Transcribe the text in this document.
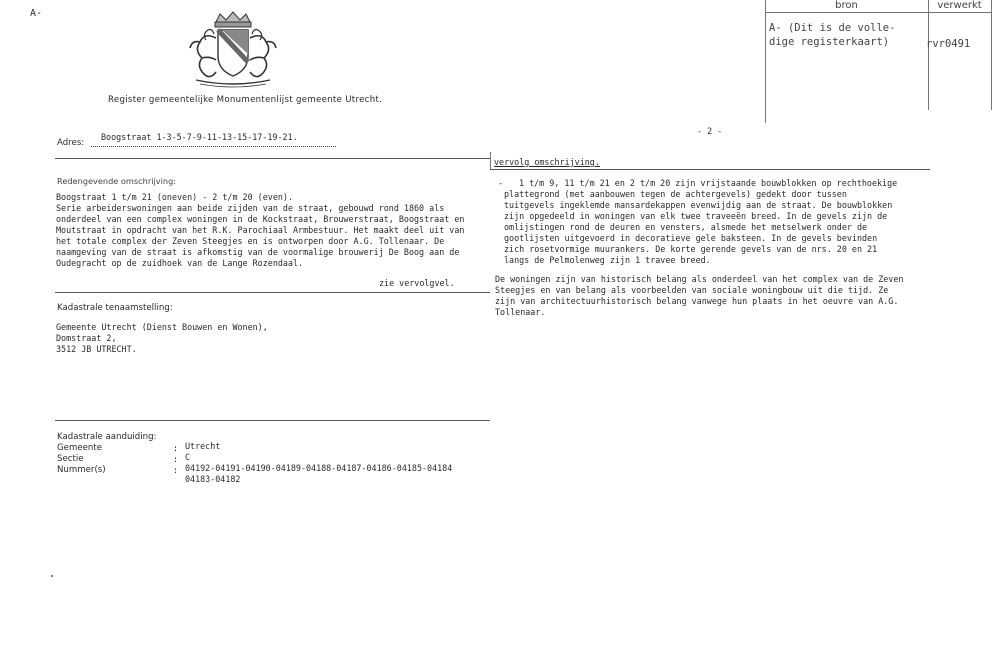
A-
Register gemeentelijke Monumentenlijst gemeente Utrecht.
bron	verwerkt
A- (Dit is de volle-
dige registerkaart)	rvr0491
- 2 -
Adres:
Boogstraat 1-3-5-7-9-11-13-15-17-19-21.
Redengevende omschrijving:
Boogstraat 1 t/m 21 (oneven) - 2 t/m 20 (even).
Serie arbeiderswoningen aan beide zijden van de straat, gebouwd rond 1860 als
onderdeel van een complex woningen in de Kockstraat, Brouwerstraat, Boogstraat en
Moutstraat in opdracht van het R.K. Parochiaal Armbestuur. Het maakt deel uit van
het totale complex der Zeven Steegjes en is ontworpen door A.G. Tollenaar. De
naamgeving van de straat is afkomstig van de voormalige brouwerij De Boog aan de
Oudegracht op de zuidhoek van de Lange Rozendaal.
zie vervolgvel.
Kadastrale tenaamstelling:
Gemeente Utrecht (Dienst Bouwen en Wonen),
Domstraat 2,
3512 JB UTRECHT.
Kadastrale aanduiding:
Gemeente
Sectie
Nummer(s)
:
:
:
Utrecht
C
04192-04191-04190-04189-04188-04187-04186-04185-04184
04183-04182
vervolg omschrijving.
- 1 t/m 9, 11 t/m 21 en 2 t/m 20 zijn vrijstaande bouwblokken op rechthoekige
plattegrond (met aanbouwen tegen de achtergevels) gedekt door tussen
tuitgevels ingeklemde mansardekappen evenwijdig aan de straat. De bouwblokken
zijn opgedeeld in woningen van elk twee traveeën breed. In de gevels zijn de
omlijstingen rond de deuren en vensters, alsmede het metselwerk onder de
gootlijsten uitgevoerd in decoratieve gele baksteen. In de gevels bevinden
zich rosetvormige muurankers. De korte gerende gevels van de nrs. 20 en 21
langs de Pelmolenweg zijn 1 travee breed.
De woningen zijn van historisch belang als onderdeel van het complex van de Zeven
Steegjes en van belang als voorbeelden van sociale woningbouw uit die tijd. Ze
zijn van architectuurhistorisch belang vanwege hun plaats in het oeuvre van A.G.
Tollenaar.
